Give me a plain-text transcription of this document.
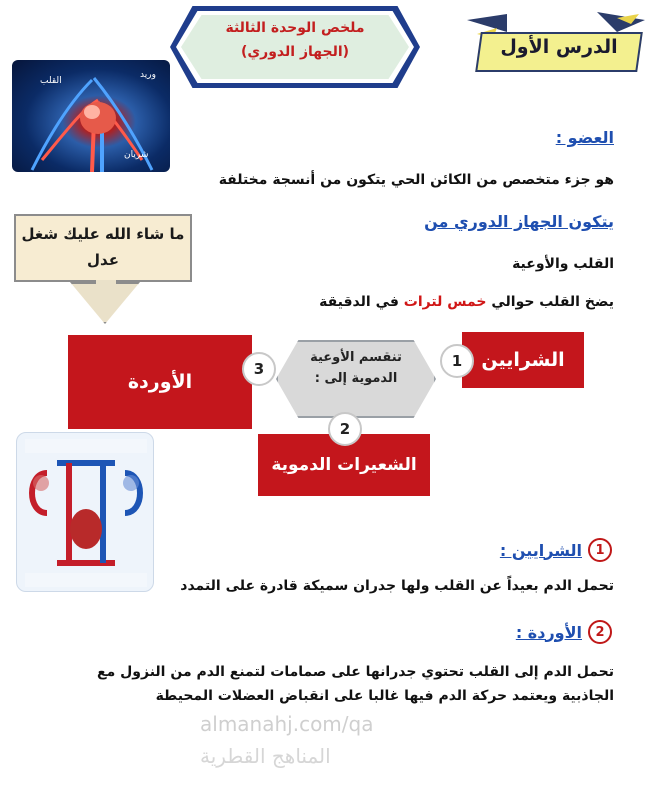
ملخص الوحدة الثالثة
(الجهاز الدوري)	الدرس الأول
وريد
القلب
شريان
العضو :
هو جزء متخصص من الكائن الحي يتكون من أنسجة مختلفة
يتكون الجهاز الدوري من
القلب والأوعية
يضخ القلب حوالي خمس لترات في الدقيقة
ما شاء الله عليك شغل
عدل
الأوردة
الشرايين
الشعيرات الدموية
تنقسم الأوعية
الدموية إلى :
1
2
3
1
الشرايين :
تحمل الدم بعيداً عن القلب ولها جدران سميكة قادرة على التمدد
2
الأوردة :
تحمل الدم إلى القلب تحتوي جدرانها على صمامات لتمنع الدم من النزول مع
الجاذبية ويعتمد حركة الدم فيها غالبا على انقباض العضلات المحيطة
almanahj.com/qa
المناهج القطرية
